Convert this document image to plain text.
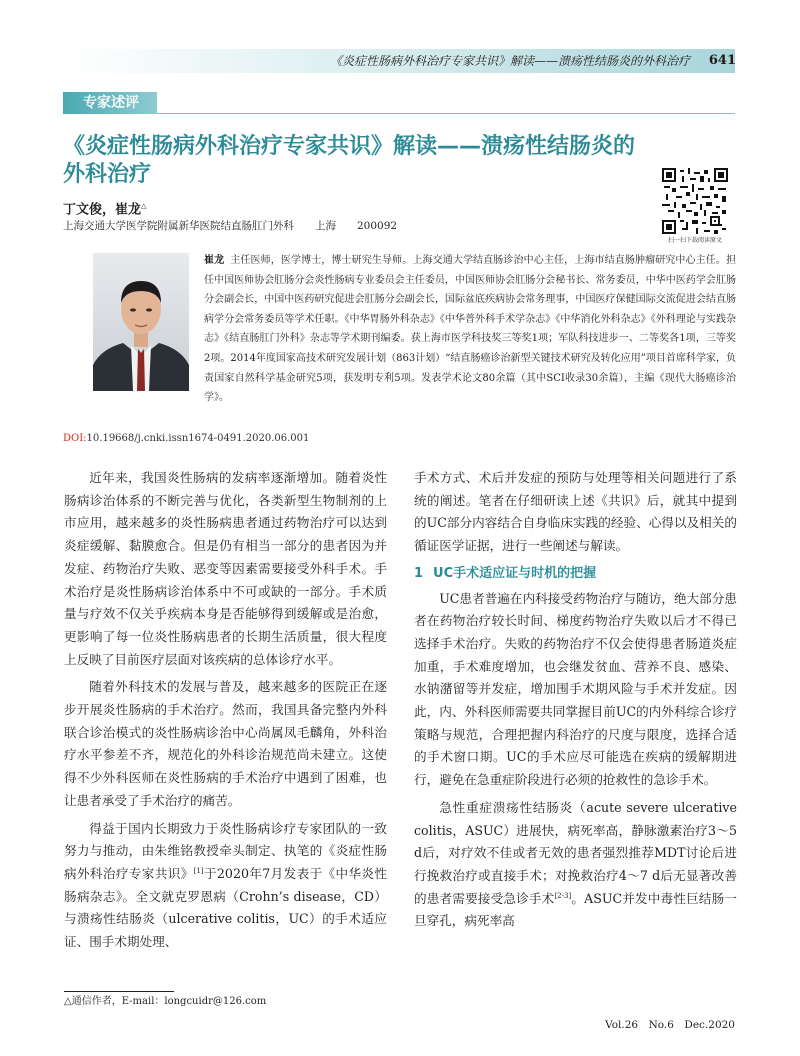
《炎症性肠病外科治疗专家共识》解读——溃疡性结肠炎的外科治疗	641
专家述评
《炎症性肠病外科治疗专家共识》解读——溃疡性结肠炎的外科治疗
丁文俊，崔龙△
上海交通大学医学院附属新华医院结直肠肛门外科　　上海　　200092
扫一扫下载阅读原文
崔龙 主任医师，医学博士，博士研究生导师。上海交通大学结直肠诊治中心主任，上海市结直肠肿瘤研究中心主任。担任中国医师协会肛肠分会炎性肠病专业委员会主任委员，中国医师协会肛肠分会秘书长、常务委员，中华中医药学会肛肠分会副会长，中国中医药研究促进会肛肠分会副会长，国际盆底疾病协会常务理事，中国医疗保健国际交流促进会结直肠病学分会常务委员等学术任职。《中华胃肠外科杂志》《中华普外科手术学杂志》《中华消化外科杂志》《外科理论与实践杂志》《结直肠肛门外科》杂志等学术期刊编委。获上海市医学科技奖三等奖1项；军队科技进步一、二等奖各1项，三等奖2项。2014年度国家高技术研究发展计划（863计划）“结直肠癌诊治新型关键技术研究及转化应用”项目首席科学家，负责国家自然科学基金研究5项，获发明专利5项。发表学术论文80余篇（其中SCI收录30余篇），主编《现代大肠癌诊治学》。
DOI:10.19668/j.cnki.issn1674-0491.2020.06.001

近年来，我国炎性肠病的发病率逐渐增加。随着炎性肠病诊治体系的不断完善与优化，各类新型生物制剂的上市应用，越来越多的炎性肠病患者通过药物治疗可以达到炎症缓解、黏膜愈合。但是仍有相当一部分的患者因为并发症、药物治疗失败、恶变等因素需要接受外科手术。手术治疗是炎性肠病诊治体系中不可或缺的一部分。手术质量与疗效不仅关乎疾病本身是否能够得到缓解或是治愈，更影响了每一位炎性肠病患者的长期生活质量，很大程度上反映了目前医疗层面对该疾病的总体诊疗水平。

随着外科技术的发展与普及，越来越多的医院正在逐步开展炎性肠病的手术治疗。然而，我国具备完整内外科联合诊治模式的炎性肠病诊治中心尚属凤毛麟角，外科治疗水平参差不齐，规范化的外科诊治规范尚未建立。这使得不少外科医师在炎性肠病的手术治疗中遇到了困难，也让患者承受了手术治疗的痛苦。

得益于国内长期致力于炎性肠病诊疗专家团队的一致努力与推动，由朱维铭教授牵头制定、执笔的《炎症性肠病外科治疗专家共识》[1]于2020年7月发表于《中华炎性肠病杂志》。全文就克罗恩病（Crohn’s disease，CD）与溃疡性结肠炎（ulcerative colitis，UC）的手术适应证、围手术期处理、

手术方式、术后并发症的预防与处理等相关问题进行了系统的阐述。笔者在仔细研读上述《共识》后，就其中提到的UC部分内容结合自身临床实践的经验、心得以及相关的循证医学证据，进行一些阐述与解读。

1 UC手术适应证与时机的把握

UC患者普遍在内科接受药物治疗与随访，绝大部分患者在药物治疗较长时间、梯度药物治疗失败以后才不得已选择手术治疗。失败的药物治疗不仅会使得患者肠道炎症加重，手术难度增加，也会继发贫血、营养不良、感染、水钠潴留等并发症，增加围手术期风险与手术并发症。因此，内、外科医师需要共同掌握目前UC的内外科综合诊疗策略与规范，合理把握内科治疗的尺度与限度，选择合适的手术窗口期。UC的手术应尽可能选在疾病的缓解期进行，避免在急重症阶段进行必须的抢救性的急诊手术。

急性重症溃疡性结肠炎（acute severe ulcerative colitis，ASUC）进展快，病死率高，静脉激素治疗3～5 d后，对疗效不佳或者无效的患者强烈推荐MDT讨论后进行挽救治疗或直接手术；对挽救治疗4～7 d后无显著改善的患者需要接受急诊手术[2-3]。ASUC并发中毒性巨结肠一旦穿孔，病死率高

△通信作者，E-mail：longcuidr@126.com
Vol.26　No.6　Dec.2020
